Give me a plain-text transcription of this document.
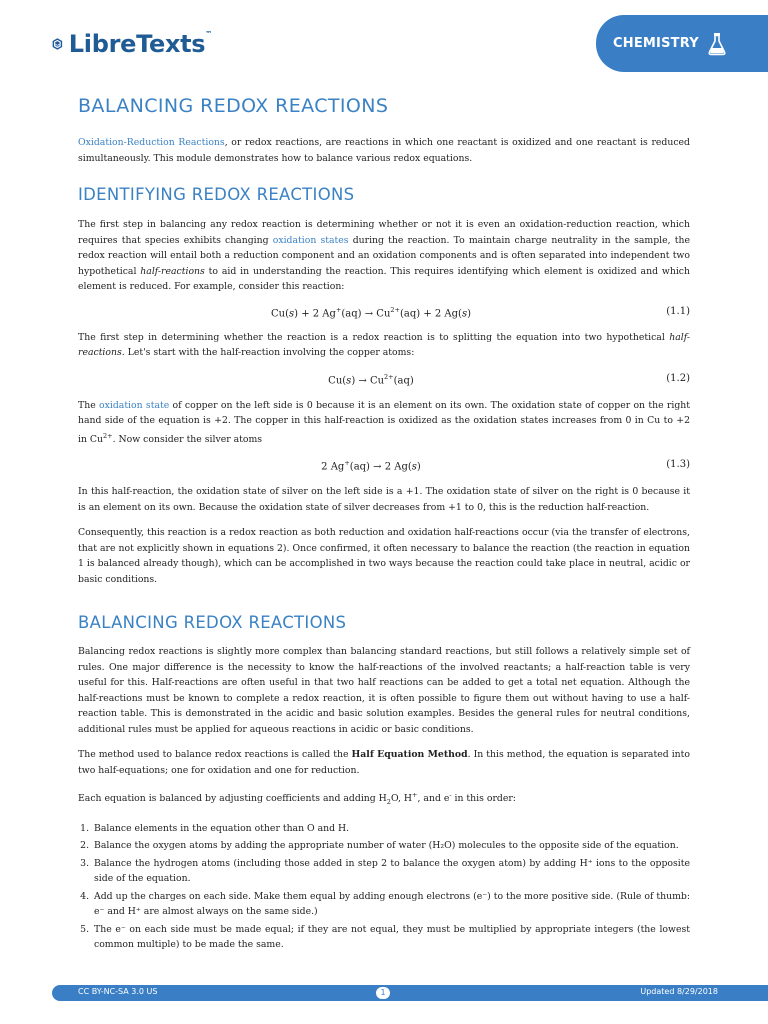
LibreTexts™
CHEMISTRY
BALANCING REDOX REACTIONS

Oxidation-Reduction Reactions, or redox reactions, are reactions in which one reactant is oxidized and one reactant is reduced simultaneously. This module demonstrates how to balance various redox equations.

IDENTIFYING REDOX REACTIONS

The first step in balancing any redox reaction is determining whether or not it is even an oxidation-reduction reaction, which requires that species exhibits changing oxidation states during the reaction. To maintain charge neutrality in the sample, the redox reaction will entail both a reduction component and an oxidation components and is often separated into independent two hypothetical half-reactions to aid in understanding the reaction. This requires identifying which element is oxidized and which element is reduced. For example, consider this reaction:

Cu(s) + 2 $Ag^+(aq) \to Cu^{2+}(aq) + 2$ Ag(s)	(1.1)

The first step in determining whether the reaction is a redox reaction is to splitting the equation into two hypothetical half-reactions. Let's start with the half-reaction involving the copper atoms:

$Cu(s) \to Cu^{2+}(aq)$	(1.2)

The oxidation state of copper on the left side is 0 because it is an element on its own. The oxidation state of copper on the right hand side of the equation is +2. The copper in this half-reaction is oxidized as the oxidation states increases from 0 in Cu to +2 in $Cu^{2+}$. Now consider the silver atoms

2 Ag+(aq) → 2 Ag(s)	(1.3)

In this half-reaction, the oxidation state of silver on the left side is a +1. The oxidation state of silver on the right is 0 because it is an element on its own. Because the oxidation state of silver decreases from +1 to 0, this is the reduction half-reaction.

Consequently, this reaction is a redox reaction as both reduction and oxidation half-reactions occur (via the transfer of electrons, that are not explicitly shown in equations 2). Once confirmed, it often necessary to balance the reaction (the reaction in equation 1 is balanced already though), which can be accomplished in two ways because the reaction could take place in neutral, acidic or basic conditions.

BALANCING REDOX REACTIONS

Balancing redox reactions is slightly more complex than balancing standard reactions, but still follows a relatively simple set of rules. One major difference is the necessity to know the half-reactions of the involved reactants; a half-reaction table is very useful for this. Half-reactions are often useful in that two half reactions can be added to get a total net equation. Although the half-reactions must be known to complete a redox reaction, it is often possible to figure them out without having to use a half-reaction table. This is demonstrated in the acidic and basic solution examples. Besides the general rules for neutral conditions, additional rules must be applied for aqueous reactions in acidic or basic conditions.

The method used to balance redox reactions is called the Half Equation Method. In this method, the equation is separated into two half-equations; one for oxidation and one for reduction.

Each equation is balanced by adjusting coefficients and adding $H_2O$, H+, and e- in this order:

1. Balance elements in the equation other than O and H.
2. Balance the oxygen atoms by adding the appropriate number of water (H₂O) molecules to the opposite side of the equation.
3. Balance the hydrogen atoms (including those added in step 2 to balance the oxygen atom) by adding H⁺ ions to the opposite side of the equation.
4. Add up the charges on each side. Make them equal by adding enough electrons (e⁻) to the more positive side. (Rule of thumb: e⁻ and H⁺ are almost always on the same side.)
5. The e⁻ on each side must be made equal; if they are not equal, they must be multiplied by appropriate integers (the lowest common multiple) to be made the same.
CC BY-NC-SA 3.0 US	1	Updated 8/29/2018
